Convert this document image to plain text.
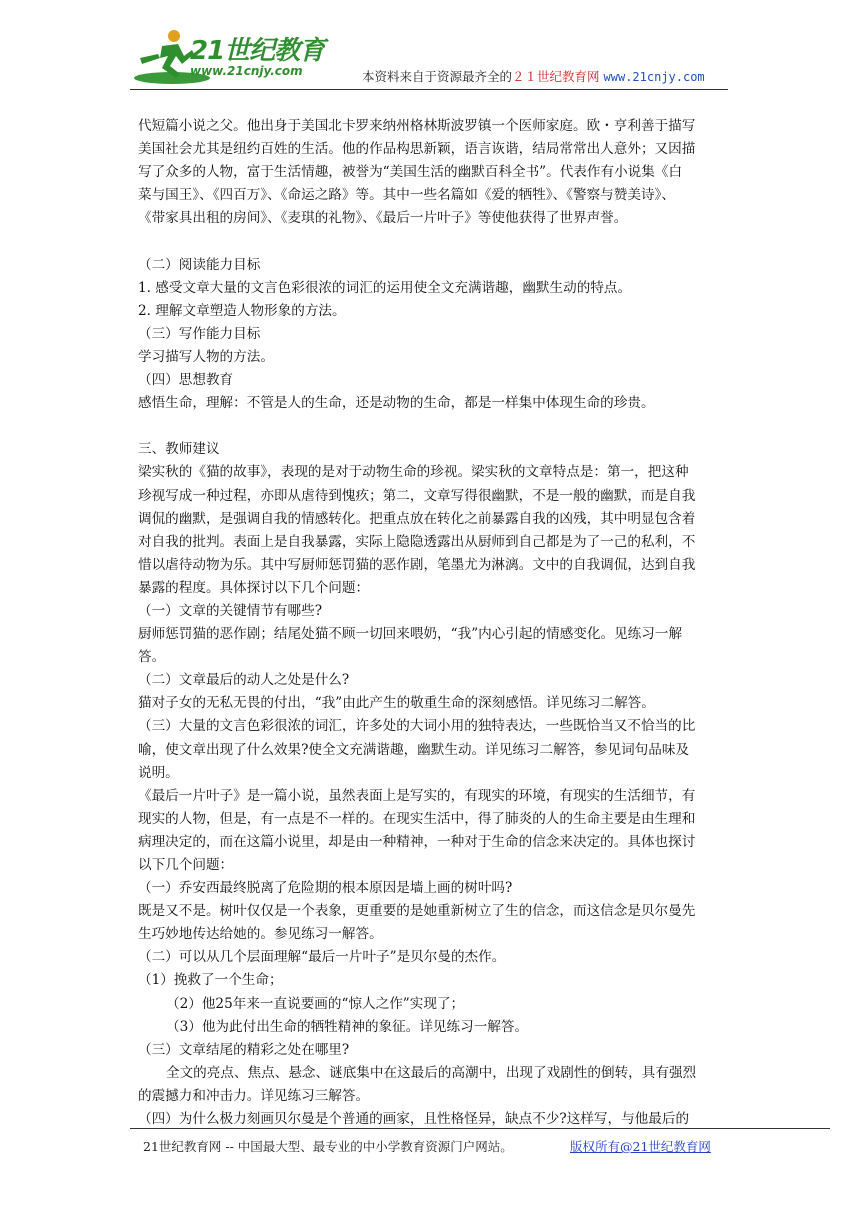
21世纪教育
www.21cnjy.com	本资料来自于资源最齐全的２１世纪教育网 www.21cnjy.com
代短篇小说之父。他出身于美国北卡罗来纳州格林斯波罗镇一个医师家庭。欧・亨利善于描写
美国社会尤其是纽约百姓的生活。他的作品构思新颖，语言诙谐，结局常常出人意外；又因描
写了众多的人物，富于生活情趣，被誉为“美国生活的幽默百科全书”。代表作有小说集《白
菜与国王》、《四百万》、《命运之路》等。其中一些名篇如《爱的牺牲》、《警察与赞美诗》、
《带家具出租的房间》、《麦琪的礼物》、《最后一片叶子》等使他获得了世界声誉。
（二）阅读能力目标
1. 感受文章大量的文言色彩很浓的词汇的运用使全文充满谐趣，幽默生动的特点。
2. 理解文章塑造人物形象的方法。
（三）写作能力目标
学习描写人物的方法。
（四）思想教育
感悟生命，理解：不管是人的生命，还是动物的生命，都是一样集中体现生命的珍贵。
三、教师建议
梁实秋的《猫的故事》，表现的是对于动物生命的珍视。梁实秋的文章特点是：第一，把这种
珍视写成一种过程，亦即从虐待到愧疚；第二，文章写得很幽默，不是一般的幽默，而是自我
调侃的幽默，是强调自我的情感转化。把重点放在转化之前暴露自我的凶残，其中明显包含着
对自我的批判。表面上是自我暴露，实际上隐隐透露出从厨师到自己都是为了一己的私利，不
惜以虐待动物为乐。其中写厨师惩罚猫的恶作剧，笔墨尤为淋漓。文中的自我调侃，达到自我
暴露的程度。具体探讨以下几个问题：
（一）文章的关键情节有哪些?
厨师惩罚猫的恶作剧；结尾处猫不顾一切回来喂奶，“我”内心引起的情感变化。见练习一解
答。
（二）文章最后的动人之处是什么?
猫对子女的无私无畏的付出，“我”由此产生的敬重生命的深刻感悟。详见练习二解答。
（三）大量的文言色彩很浓的词汇，许多处的大词小用的独特表达，一些既恰当又不恰当的比
喻，使文章出现了什么效果?使全文充满谐趣，幽默生动。详见练习二解答，参见词句品味及
说明。
《最后一片叶子》是一篇小说，虽然表面上是写实的，有现实的环境，有现实的生活细节，有
现实的人物，但是，有一点是不一样的。在现实生活中，得了肺炎的人的生命主要是由生理和
病理决定的，而在这篇小说里，却是由一种精神，一种对于生命的信念来决定的。具体也探讨
以下几个问题：
（一）乔安西最终脱离了危险期的根本原因是墙上画的树叶吗?
既是又不是。树叶仅仅是一个表象，更重要的是她重新树立了生的信念，而这信念是贝尔曼先
生巧妙地传达给她的。参见练习一解答。
（二）可以从几个层面理解“最后一片叶子”是贝尔曼的杰作。
（1）挽救了一个生命；
（2）他25年来一直说要画的“惊人之作”实现了；
（3）他为此付出生命的牺牲精神的象征。详见练习一解答。
（三）文章结尾的精彩之处在哪里?
全文的亮点、焦点、悬念、谜底集中在这最后的高潮中，出现了戏剧性的倒转，具有强烈
的震撼力和冲击力。详见练习三解答。
（四）为什么极力刻画贝尔曼是个普通的画家，且性格怪异，缺点不少?这样写，与他最后的
21世纪教育网 -- 中国最大型、最专业的中小学教育资源门户网站。	版权所有@21世纪教育网
